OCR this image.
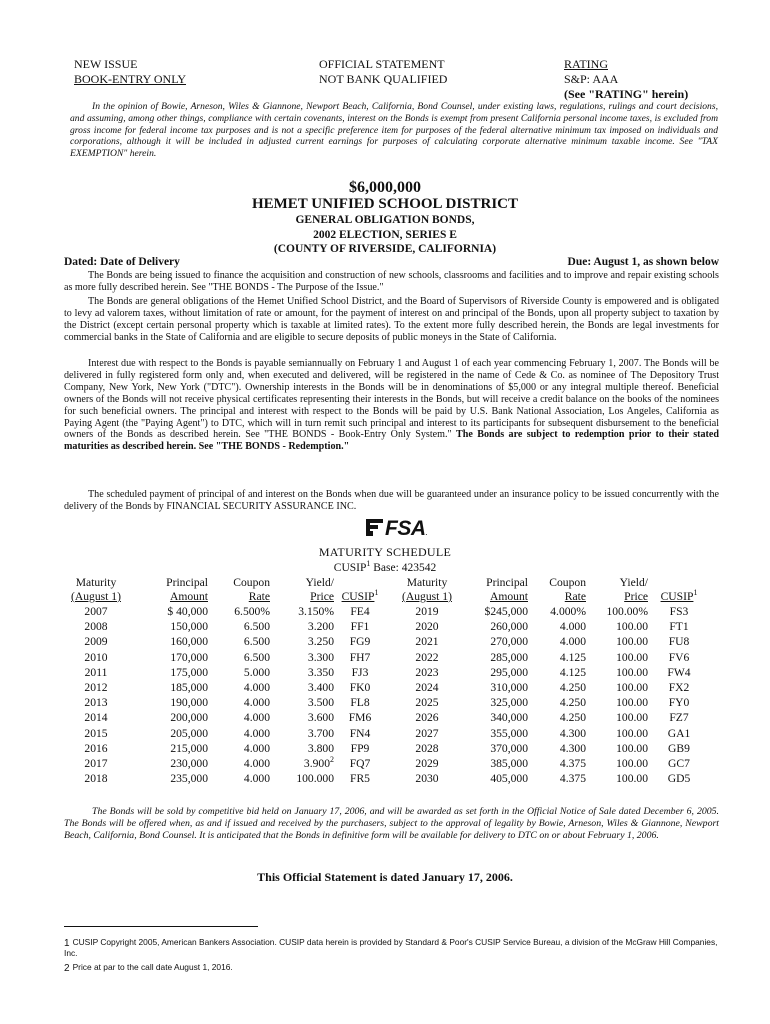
NEW ISSUE
BOOK-ENTRY ONLY
OFFICIAL STATEMENT
NOT BANK QUALIFIED
RATING
S&P: AAA
(See "RATING" herein)
In the opinion of Bowie, Arneson, Wiles & Giannone, Newport Beach, California, Bond Counsel, under existing laws, regulations, rulings and court decisions, and assuming, among other things, compliance with certain covenants, interest on the Bonds is exempt from present California personal income taxes, is excluded from gross income for federal income tax purposes and is not a specific preference item for purposes of the federal alternative minimum tax imposed on individuals and corporations, although it will be included in adjusted current earnings for purposes of calculating corporate alternative minimum taxable income. See "TAX EXEMPTION" herein.
$6,000,000
HEMET UNIFIED SCHOOL DISTRICT
GENERAL OBLIGATION BONDS,
2002 ELECTION, SERIES E
(COUNTY OF RIVERSIDE, CALIFORNIA)
Dated: Date of Delivery	Due: August 1, as shown below

The Bonds are being issued to finance the acquisition and construction of new schools, classrooms and facilities and to improve and repair existing schools as more fully described herein. See "THE BONDS - The Purpose of the Issue."

The Bonds are general obligations of the Hemet Unified School District, and the Board of Supervisors of Riverside County is empowered and is obligated to levy ad valorem taxes, without limitation of rate or amount, for the payment of interest on and principal of the Bonds, upon all property subject to taxation by the District (except certain personal property which is taxable at limited rates). To the extent more fully described herein, the Bonds are legal investments for commercial banks in the State of California and are eligible to secure deposits of public moneys in the State of California.

Interest due with respect to the Bonds is payable semiannually on February 1 and August 1 of each year commencing February 1, 2007. The Bonds will be delivered in fully registered form only and, when executed and delivered, will be registered in the name of Cede & Co. as nominee of The Depository Trust Company, New York, New York ("DTC"). Ownership interests in the Bonds will be in denominations of $5,000 or any integral multiple thereof. Beneficial owners of the Bonds will not receive physical certificates representing their interests in the Bonds, but will receive a credit balance on the books of the nominees for such beneficial owners. The principal and interest with respect to the Bonds will be paid by U.S. Bank National Association, Los Angeles, California as Paying Agent (the "Paying Agent") to DTC, which will in turn remit such principal and interest to its participants for subsequent disbursement to the beneficial owners of the Bonds as described herein. See "THE BONDS - Book-Entry Only System." The Bonds are subject to redemption prior to their stated maturities as described herein. See "THE BONDS - Redemption."

The scheduled payment of principal of and interest on the Bonds when due will be guaranteed under an insurance policy to be issued concurrently with the delivery of the Bonds by FINANCIAL SECURITY ASSURANCE INC.

FSA.
MATURITY SCHEDULE
CUSIP$^1$ Base: 423542
Maturity	Principal	Coupon	Yield/		Maturity	Principal	Coupon	Yield/	
(August 1)	Amount	Rate	Price	CUSIP$^1$	(August 1)	Amount	Rate	Price	CUSIP$^1$
2007	$ 40,000	6.500%	3.150%	FE4	2019	$245,000	4.000%	100.00%	FS3
2008	150,000	6.500	3.200	FF1	2020	260,000	4.000	100.00	FT1
2009	160,000	6.500	3.250	FG9	2021	270,000	4.000	100.00	FU8
2010	170,000	6.500	3.300	FH7	2022	285,000	4.125	100.00	FV6
2011	175,000	5.000	3.350	FJ3	2023	295,000	4.125	100.00	FW4
2012	185,000	4.000	3.400	FK0	2024	310,000	4.250	100.00	FX2
2013	190,000	4.000	3.500	FL8	2025	325,000	4.250	100.00	FY0
2014	200,000	4.000	3.600	FM6	2026	340,000	4.250	100.00	FZ7
2015	205,000	4.000	3.700	FN4	2027	355,000	4.300	100.00	GA1
2016	215,000	4.000	3.800	FP9	2028	370,000	4.300	100.00	GB9
2017	230,000	4.000	3.900$^2$	FQ7	2029	385,000	4.375	100.00	GC7
2018	235,000	4.000	100.000	FR5	2030	405,000	4.375	100.00	GD5
The Bonds will be sold by competitive bid held on January 17, 2006, and will be awarded as set forth in the Official Notice of Sale dated December 6, 2005. The Bonds will be offered when, as and if issued and received by the purchasers, subject to the approval of legality by Bowie, Arneson, Wiles & Giannone, Newport Beach, California, Bond Counsel. It is anticipated that the Bonds in definitive form will be available for delivery to DTC on or about February 1, 2006.
This Official Statement is dated January 17, 2006.
$^1$ CUSIP Copyright 2005, American Bankers Association. CUSIP data herein is provided by Standard & Poor's CUSIP Service Bureau, a division of the McGraw Hill Companies, Inc.
$^2$ Price at par to the call date August 1, 2016.
